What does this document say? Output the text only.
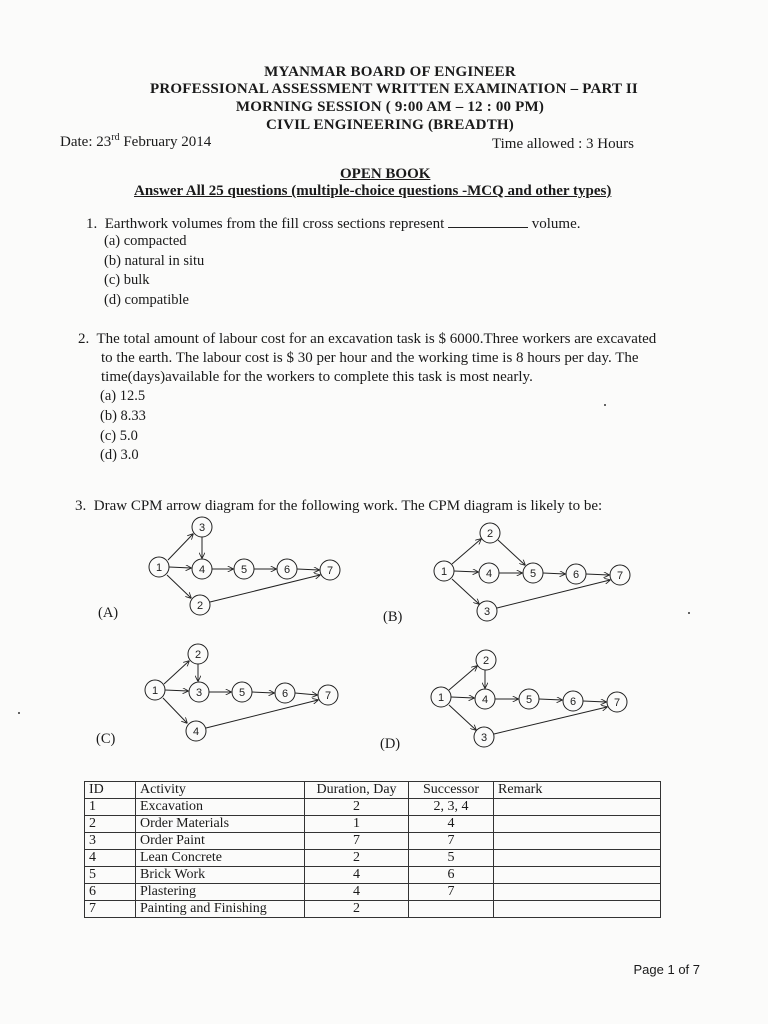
MYANMAR BOARD OF ENGINEER
PROFESSIONAL ASSESSMENT WRITTEN EXAMINATION – PART II
MORNING SESSION ( 9:00 AM – 12 : 00 PM)
CIVIL ENGINEERING (BREADTH)
Date: 23rd February 2014	Time allowed : 3 Hours
OPEN BOOK
Answer All 25 questions (multiple-choice questions -MCQ and other types)
1. Earthwork volumes from the fill cross sections represent	volume.
(a) compacted
(b) natural in situ
(c) bulk
(d) compatible
2. The total amount of labour cost for an excavation task is $ 6000.Three workers are excavated
to the earth. The labour cost is $ 30 per hour and the working time is 8 hours per day. The
time(days)available for the workers to complete this task is most nearly.
(a) 12.5
(b) 8.33
(c) 5.0
(d) 3.0
3. Draw CPM arrow diagram for the following work. The CPM diagram is likely to be:
(A)	(B)
(C)	(D)
1
3
4	5	6	7
2
1
2
4	5	6	7
3
1
2
3	5	6	7
4
1
2
4	5	6	7
3
ID	Activity	Duration, Day	Successor	Remark
1	Excavation	2	2, 3, 4	
2	Order Materials	1	4	
3	Order Paint	7	7	
4	Lean Concrete	2	5	
5	Brick Work	4	6	
6	Plastering	4	7	
7	Painting and Finishing	2		
Page 1 of 7
